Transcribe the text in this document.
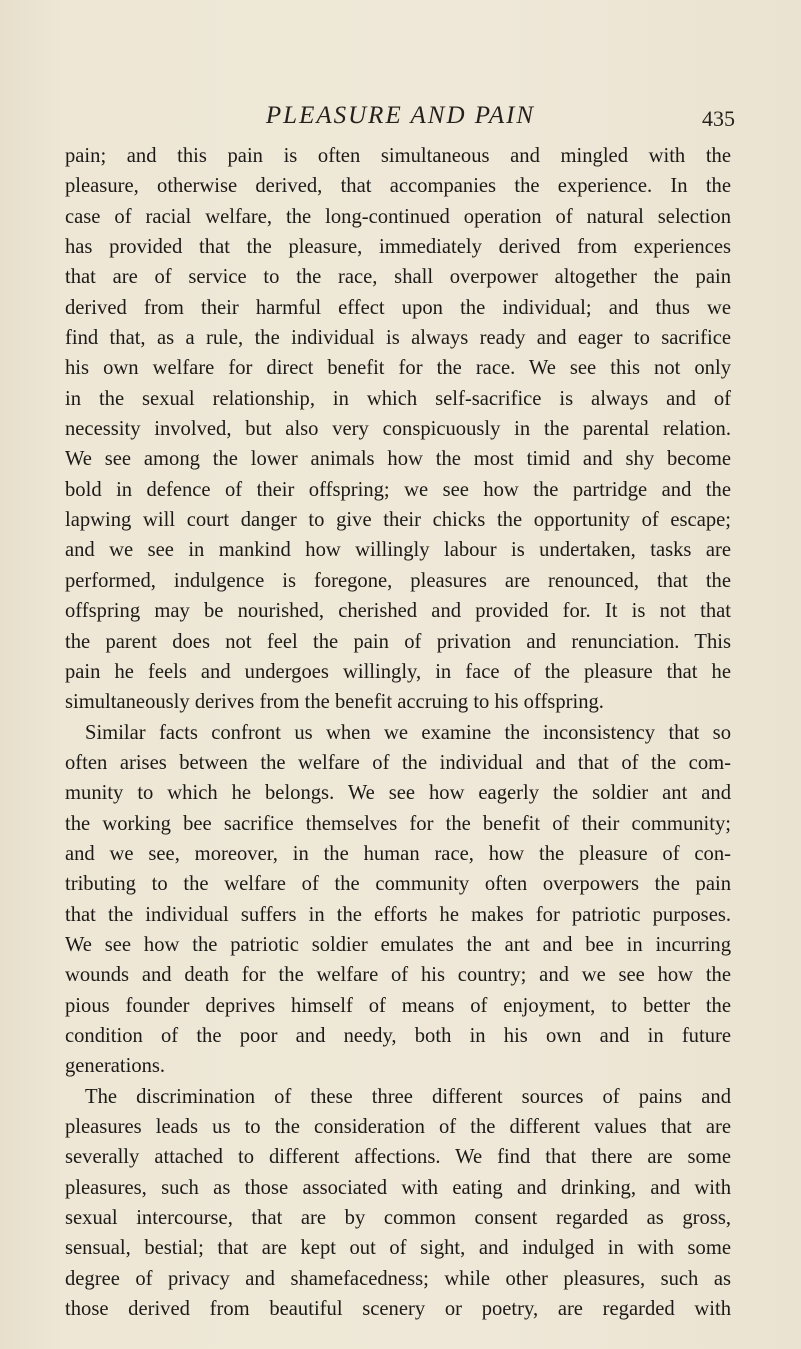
PLEASURE AND PAIN	435
pain; and this pain is often simultaneous and mingled with the
pleasure, otherwise derived, that accompanies the experience. In the
case of racial welfare, the long-continued operation of natural selection
has provided that the pleasure, immediately derived from experiences
that are of service to the race, shall overpower altogether the pain
derived from their harmful effect upon the individual; and thus we
find that, as a rule, the individual is always ready and eager to sacrifice
his own welfare for direct benefit for the race. We see this not only
in the sexual relationship, in which self-sacrifice is always and of
necessity involved, but also very conspicuously in the parental relation.
We see among the lower animals how the most timid and shy become
bold in defence of their offspring; we see how the partridge and the
lapwing will court danger to give their chicks the opportunity of escape;
and we see in mankind how willingly labour is undertaken, tasks are
performed, indulgence is foregone, pleasures are renounced, that the
offspring may be nourished, cherished and provided for. It is not that
the parent does not feel the pain of privation and renunciation. This
pain he feels and undergoes willingly, in face of the pleasure that he
simultaneously derives from the benefit accruing to his offspring.
Similar facts confront us when we examine the inconsistency that so
often arises between the welfare of the individual and that of the com-
munity to which he belongs. We see how eagerly the soldier ant and
the working bee sacrifice themselves for the benefit of their community;
and we see, moreover, in the human race, how the pleasure of con-
tributing to the welfare of the community often overpowers the pain
that the individual suffers in the efforts he makes for patriotic purposes.
We see how the patriotic soldier emulates the ant and bee in incurring
wounds and death for the welfare of his country; and we see how the
pious founder deprives himself of means of enjoyment, to better the
condition of the poor and needy, both in his own and in future
generations.
The discrimination of these three different sources of pains and
pleasures leads us to the consideration of the different values that are
severally attached to different affections. We find that there are some
pleasures, such as those associated with eating and drinking, and with
sexual intercourse, that are by common consent regarded as gross,
sensual, bestial; that are kept out of sight, and indulged in with some
degree of privacy and shamefacedness; while other pleasures, such as
those derived from beautiful scenery or poetry, are regarded with
